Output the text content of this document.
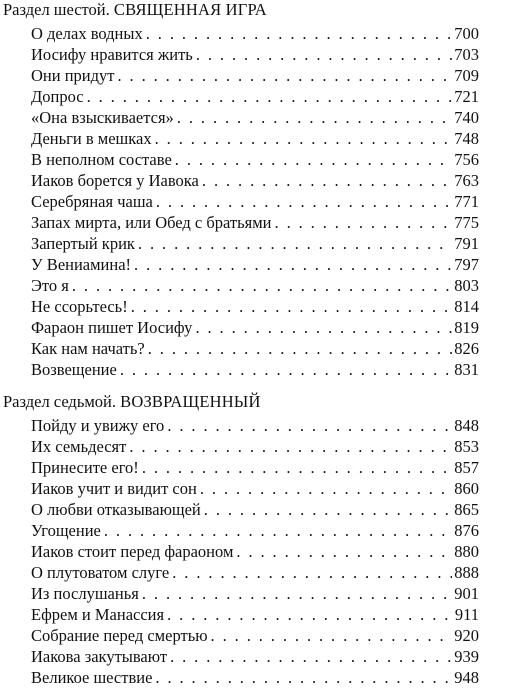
Раздел шестой. СВЯЩЕННАЯ ИГРА
О делах водных . . .	700
Иосифу нравится жить . . .	703
Они придут . . .	709
Допрос . . .	721
«Она взыскивается» . . .	740
Деньги в мешках . . .	748
В неполном составе . . .	756
Иаков борется у Иавока . . .	763
Серебряная чаша . . .	771
Запах мирта, или Обед с братьями . . .	775
Запертый крик . . .	791
У Вениамина! . . .	797
Это я . . .	803
Не ссорьтесь! . . .	814
Фараон пишет Иосифу . . .	819
Как нам начать? . . .	826
Возвещение . . .	831
Раздел седьмой. ВОЗВРАЩЕННЫЙ
Пойду и увижу его . . .	848
Их семьдесят . . .	853
Принесите его! . . .	857
Иаков учит и видит сон . . .	860
О любви отказывающей . . .	865
Угощение . . .	876
Иаков стоит перед фараоном . . .	880
О плутоватом слуге . . .	888
Из послушанья . . .	901
Ефрем и Манассия . . .	911
Собрание перед смертью . . .	920
Иакова закутывают . . .	939
Великое шествие . . .	948
